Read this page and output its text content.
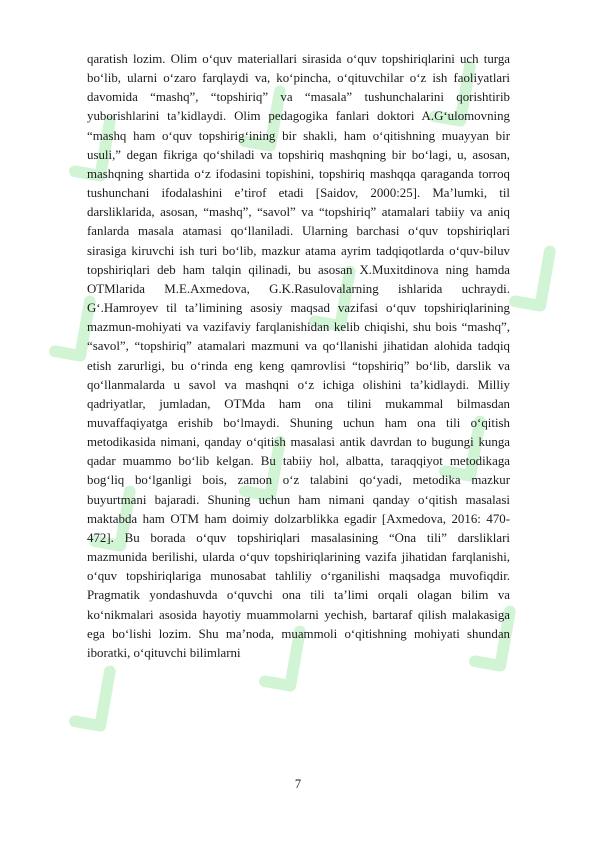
qaratish lozim. Olim o‘quv materiallari sirasida o‘quv topshiriqlarini uch turga bo‘lib, ularni o‘zaro farqlaydi va, ko‘pincha, o‘qituvchilar o‘z ish faoliyatlari davomida “mashq”, “topshiriq” va “masala” tushunchalarini qorishtirib yuborishlarini ta’kidlaydi. Olim pedagogika fanlari doktori A.G‘ulomovning “mashq ham o‘quv topshirig‘ining bir shakli, ham o‘qitishning muayyan bir usuli,” degan fikriga qo‘shiladi va topshiriq mashqning bir bo‘lagi, u, asosan, mashqning shartida o‘z ifodasini topishini, topshiriq mashqqa qaraganda torroq tushunchani ifodalashini e’tirof etadi [Saidov, 2000:25]. Ma’lumki, til darsliklarida, asosan, “mashq”, “savol” va “topshiriq” atamalari tabiiy va aniq fanlarda masala atamasi qo‘llaniladi. Ularning barchasi o‘quv topshiriqlari sirasiga kiruvchi ish turi bo‘lib, mazkur atama ayrim tadqiqotlarda o‘quv-biluv topshiriqlari deb ham talqin qilinadi, bu asosan X.Muxitdinova ning hamda OTMlarida M.E.Axmedova, G.K.Rasulovalarning ishlarida uchraydi. G‘.Hamroyev til ta’limining asosiy maqsad vazifasi o‘quv topshiriqlarining mazmun-mohiyati va vazifaviy farqlanishidan kelib chiqishi, shu bois “mashq”, “savol”, “topshiriq” atamalari mazmuni va qo‘llanishi jihatidan alohida tadqiq etish zarurligi, bu o‘rinda eng keng qamrovlisi “topshiriq” bo‘lib, darslik va qo‘llanmalarda u savol va mashqni o‘z ichiga olishini ta’kidlaydi. Milliy qadriyatlar, jumladan, OTMda ham ona tilini mukammal bilmasdan muvaffaqiyatga erishib bo‘lmaydi. Shuning uchun ham ona tili o‘qitish metodikasida nimani, qanday o‘qitish masalasi antik davrdan to bugungi kunga qadar muammo bo‘lib kelgan. Bu tabiiy hol, albatta, taraqqiyot metodikaga bog‘liq bo‘lganligi bois, zamon o‘z talabini qo‘yadi, metodika mazkur buyurtmani bajaradi. Shuning uchun ham nimani qanday o‘qitish masalasi maktabda ham OTM ham doimiy dolzarblikka egadir [Axmedova, 2016: 470-472]. Bu borada o‘quv topshiriqlari masalasining “Ona tili” darsliklari mazmunida berilishi, ularda o‘quv topshiriqlarining vazifa jihatidan farqlanishi, o‘quv topshiriqlariga munosabat tahliliy o‘rganilishi maqsadga muvofiqdir. Pragmatik yondashuvda o‘quvchi ona tili ta’limi orqali olagan bilim va ko‘nikmalari asosida hayotiy muammolarni yechish, bartaraf qilish malakasiga ega bo‘lishi lozim. Shu ma’noda, muammoli o‘qitishning mohiyati shundan iboratki, o‘qituvchi bilimlarni

7
